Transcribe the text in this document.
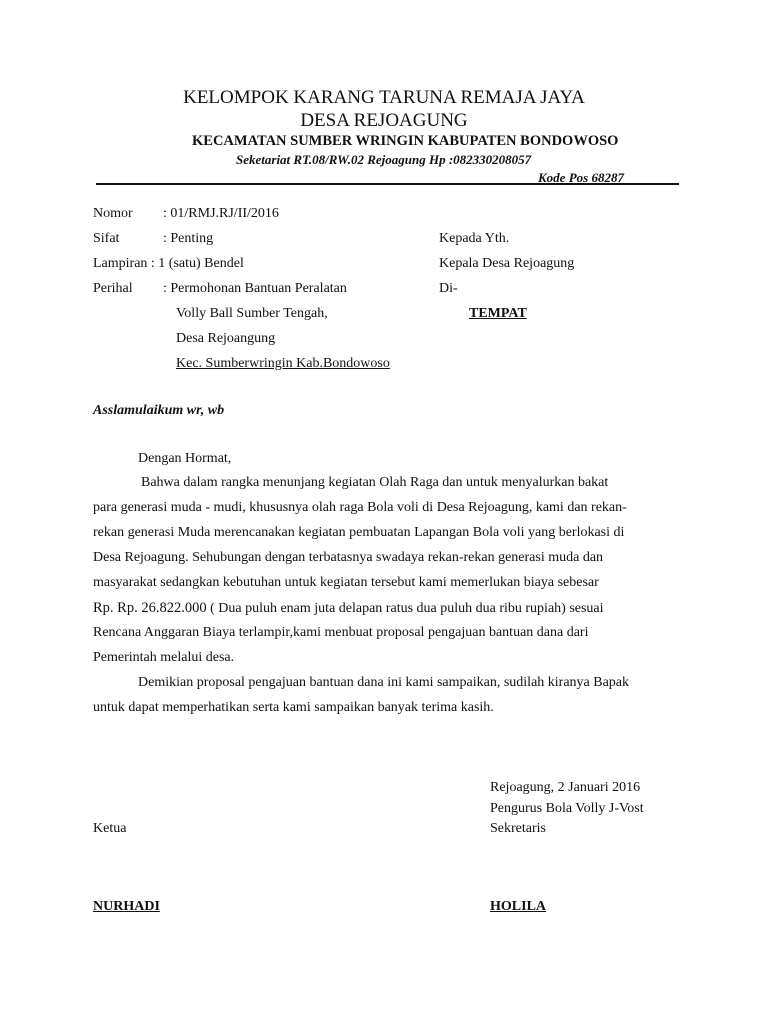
KELOMPOK KARANG TARUNA REMAJA JAYA
DESA REJOAGUNG
KECAMATAN SUMBER WRINGIN KABUPATEN BONDOWOSO
Seketariat RT.08/RW.02 Rejoagung Hp :082330208057
Kode Pos 68287
Nomor : 01/RMJ.RJ/II/2016
Sifat	: Penting
Lampiran : 1 (satu) Bendel
Perihal : Permohonan Bantuan Peralatan
Volly Ball Sumber Tengah,
Desa Rejoangung
Kec. Sumberwringin Kab.Bondowoso
Kepada Yth.
Kepala Desa Rejoagung
Di-
TEMPAT
Asslamulaikum wr, wb
Dengan Hormat,
Bahwa dalam rangka menunjang kegiatan Olah Raga dan untuk menyalurkan bakat
para generasi muda - mudi, khususnya olah raga Bola voli di Desa Rejoagung, kami dan rekan-
rekan generasi Muda merencanakan kegiatan pembuatan Lapangan Bola voli yang berlokasi di
Desa Rejoagung. Sehubungan dengan terbatasnya swadaya rekan-rekan generasi muda dan
masyarakat sedangkan kebutuhan untuk kegiatan tersebut kami memerlukan biaya sebesar
Rp. Rp. 26.822.000 ( Dua puluh enam juta delapan ratus dua puluh dua ribu rupiah) sesuai
Rencana Anggaran Biaya terlampir,kami menbuat proposal pengajuan bantuan dana dari
Pemerintah melalui desa.
Demikian proposal pengajuan bantuan dana ini kami sampaikan, sudilah kiranya Bapak
untuk dapat memperhatikan serta kami sampaikan banyak terima kasih.
Rejoagung, 2 Januari 2016
Pengurus Bola Volly J-Vost
Ketua	Sekretaris
NURHADI	HOLILA
